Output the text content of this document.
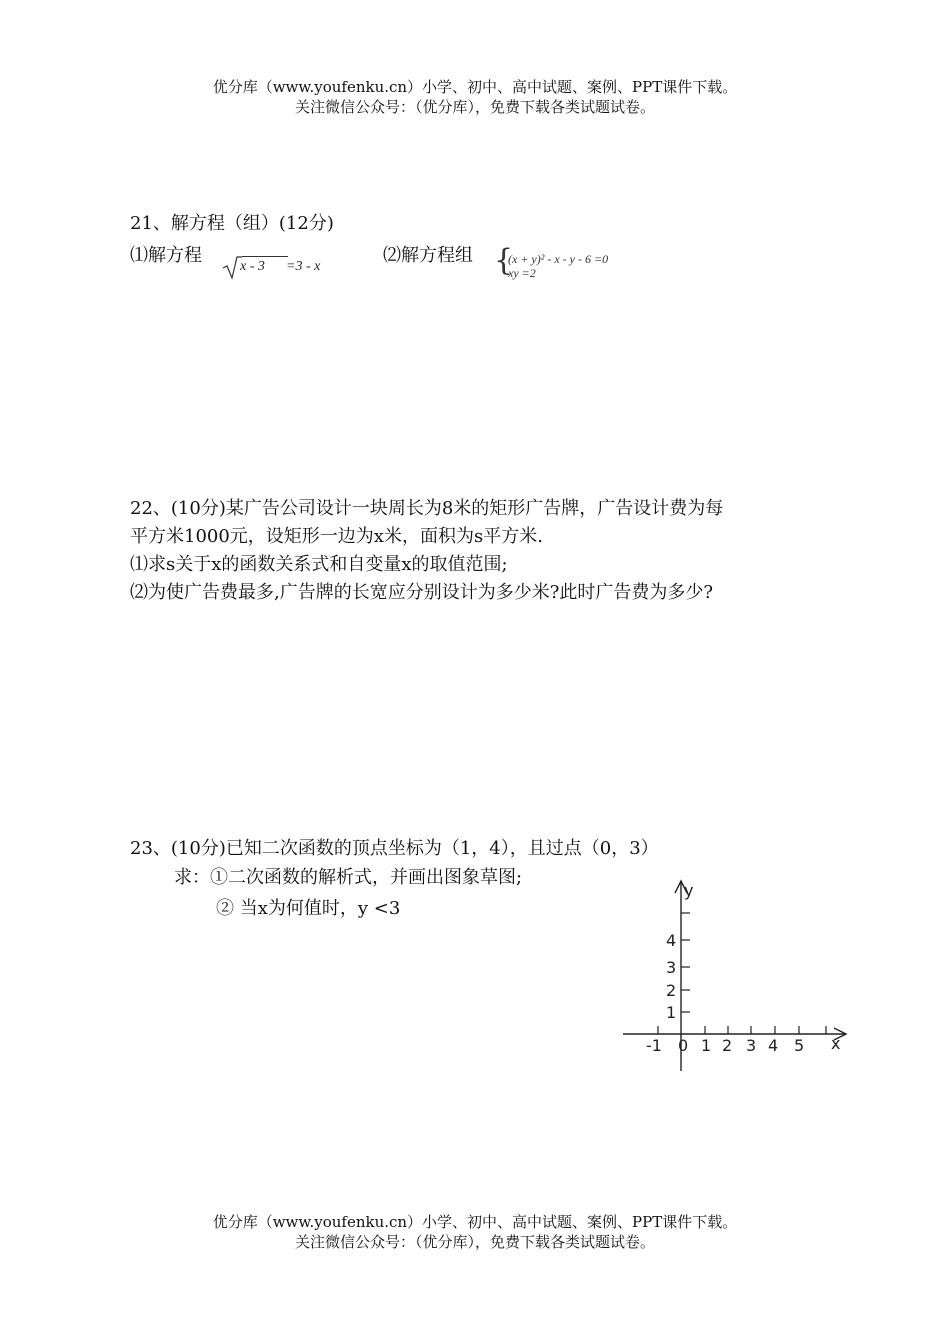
优分库（www.youfenku.cn）小学、初中、高中试题、案例、PPT课件下载。
关注微信公众号：（优分库），免费下载各类试题试卷。
21、解方程（组）(12分)
⑴解方程
x - 3 =3 - x
⑵解方程组 {
(x + y)² - x - y - 6 =0
xy =2
22、(10分)某广告公司设计一块周长为8米的矩形广告牌，广告设计费为每
平方米1000元，设矩形一边为x米，面积为s平方米.
⑴求s关于x的函数关系式和自变量x的取值范围;
⑵为使广告费最多,广告牌的长宽应分别设计为多少米?此时广告费为多少?
23、(10分)已知二次函数的顶点坐标为（1，4），且过点（0，3）
求：①二次函数的解析式，并画出图象草图;
② 当x为何值时，y <3
y
x
0
-1 1 2 3 4 5
1
2
3
4
优分库（www.youfenku.cn）小学、初中、高中试题、案例、PPT课件下载。
关注微信公众号：（优分库），免费下载各类试题试卷。
